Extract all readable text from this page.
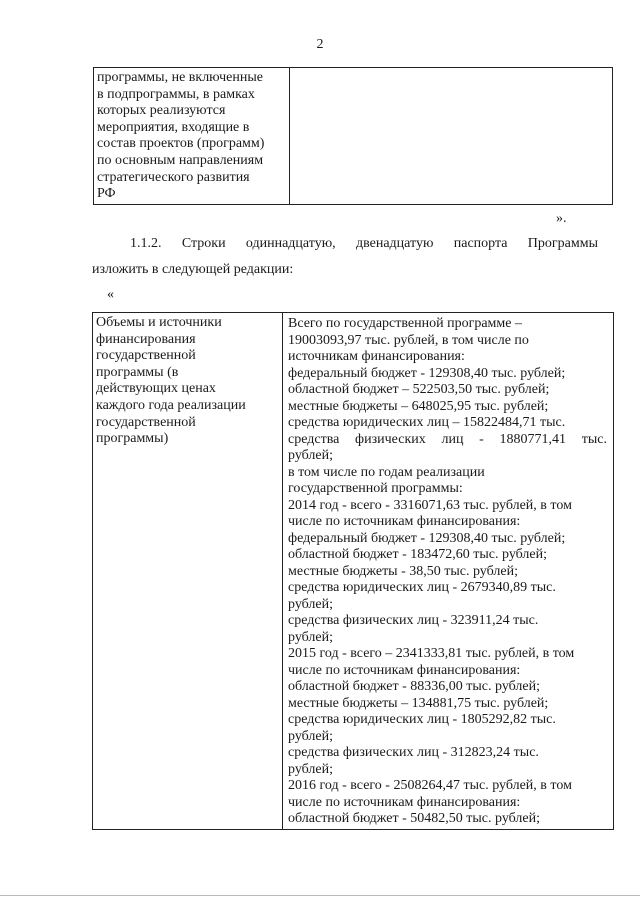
2
программы, не включенные
в подпрограммы, в рамках
которых реализуются
мероприятия, входящие в
состав проектов (программ)
по основным направлениям
стратегического развития
РФ

».
1.1.2. Строки одиннадцатую, двенадцатую паспорта Программы
изложить в следующей редакции:
«
Объемы и источники
финансирования
государственной
программы (в
действующих ценах
каждого года реализации
государственной
программы)

Всего по государственной программе –
19003093,97 тыс. рублей, в том числе по
источникам финансирования:
федеральный бюджет - 129308,40 тыс. рублей;
областной бюджет – 522503,50 тыс. рублей;
местные бюджеты – 648025,95 тыс. рублей;
средства юридических лиц – 15822484,71 тыс.
средства физических лиц - 1880771,41 тыс.
рублей;
в том числе по годам реализации
государственной программы:
2014 год - всего - 3316071,63 тыс. рублей, в том
числе по источникам финансирования:
федеральный бюджет - 129308,40 тыс. рублей;
областной бюджет - 183472,60 тыс. рублей;
местные бюджеты - 38,50 тыс. рублей;
средства юридических лиц - 2679340,89 тыс.
рублей;
средства физических лиц - 323911,24 тыс.
рублей;
2015 год - всего – 2341333,81 тыс. рублей, в том
числе по источникам финансирования:
областной бюджет - 88336,00 тыс. рублей;
местные бюджеты – 134881,75 тыс. рублей;
средства юридических лиц - 1805292,82 тыс.
рублей;
средства физических лиц - 312823,24 тыс.
рублей;
2016 год - всего - 2508264,47 тыс. рублей, в том
числе по источникам финансирования:
областной бюджет - 50482,50 тыс. рублей;
